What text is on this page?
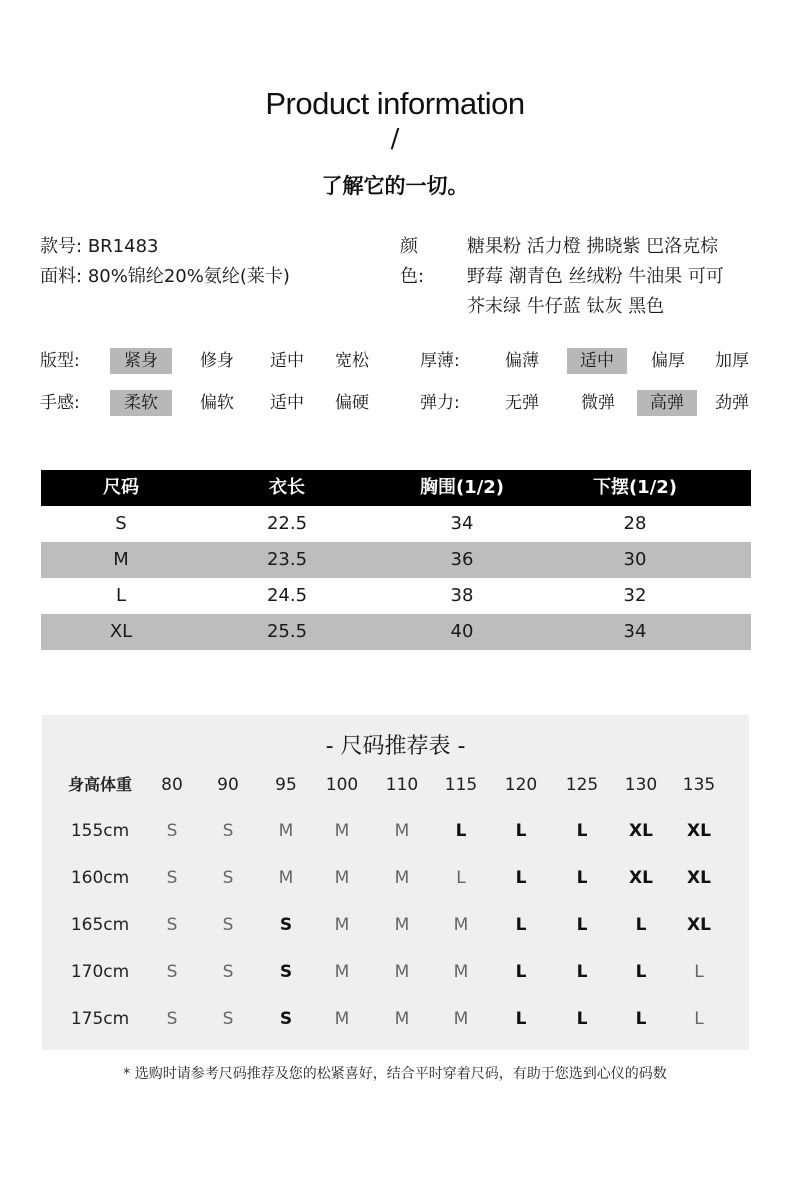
Product information
/
了解它的一切。
款号: BR1483
面料: 80%锦纶20%氨纶(莱卡)
颜色:
糖果粉 活力橙 拂晓紫 巴洛克棕
野莓 潮青色 丝绒粉 牛油果 可可
芥末绿 牛仔蓝 钛灰 黑色
版型:	紧身	修身	适中	宽松	厚薄:	偏薄	适中	偏厚	加厚
手感:	柔软	偏软	适中	偏硬	弹力:	无弹	微弹	高弹	劲弹
尺码	衣长	胸围(1/2)	下摆(1/2)
S	22.5	34	28
M	23.5	36	30
L	24.5	38	32
XL	25.5	40	34
- 尺码推荐表 -
身高体重	80	90	95	100	110	115	120	125	130	135
155cm	S	S	M	M	M	L	L	L	XL	XL
160cm	S	S	M	M	M	L	L	L	XL	XL
165cm	S	S	S	M	M	M	L	L	L	XL
170cm	S	S	S	M	M	M	L	L	L	L
175cm	S	S	S	M	M	M	L	L	L	L
* 选购时请参考尺码推荐及您的松紧喜好，结合平时穿着尺码，有助于您选到心仪的码数
